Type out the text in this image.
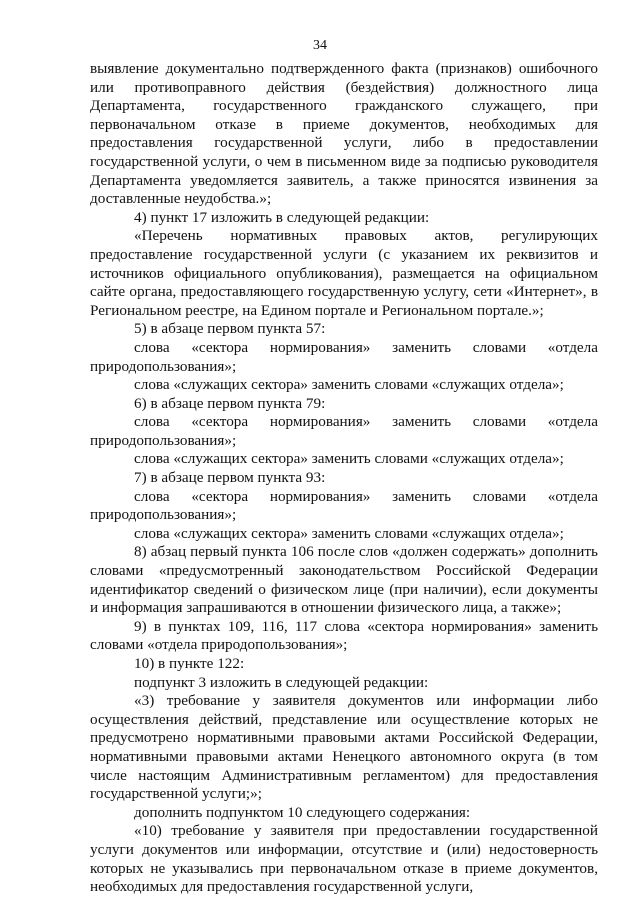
34

выявление документально подтвержденного факта (признаков) ошибочного или противоправного действия (бездействия) должностного лица Департамента, государственного гражданского служащего, при первоначальном отказе в приеме документов, необходимых для предоставления государственной услуги, либо в предоставлении государственной услуги, о чем в письменном виде за подписью руководителя Департамента уведомляется заявитель, а также приносятся извинения за доставленные неудобства.»;

4) пункт 17 изложить в следующей редакции:

«Перечень нормативных правовых актов, регулирующих предоставление государственной услуги (с указанием их реквизитов и источников официального опубликования), размещается на официальном сайте органа, предоставляющего государственную услугу, сети «Интернет», в Региональном реестре, на Едином портале и Региональном портале.»;

5) в абзаце первом пункта 57:

слова «сектора нормирования» заменить словами «отдела природопользования»;

слова «служащих сектора» заменить словами «служащих отдела»;

6) в абзаце первом пункта 79:

слова «сектора нормирования» заменить словами «отдела природопользования»;

слова «служащих сектора» заменить словами «служащих отдела»;

7) в абзаце первом пункта 93:

слова «сектора нормирования» заменить словами «отдела природопользования»;

слова «служащих сектора» заменить словами «служащих отдела»;

8) абзац первый пункта 106 после слов «должен содержать» дополнить словами «предусмотренный законодательством Российской Федерации идентификатор сведений о физическом лице (при наличии), если документы и информация запрашиваются в отношении физического лица, а также»;

9) в пунктах 109, 116, 117 слова «сектора нормирования» заменить словами «отдела природопользования»;

10) в пункте 122:

подпункт 3 изложить в следующей редакции:

«3) требование у заявителя документов или информации либо осуществления действий, представление или осуществление которых не предусмотрено нормативными правовыми актами Российской Федерации, нормативными правовыми актами Ненецкого автономного округа (в том числе настоящим Административным регламентом) для предоставления государственной услуги;»;

дополнить подпунктом 10 следующего содержания:

«10) требование у заявителя при предоставлении государственной услуги документов или информации, отсутствие и (или) недостоверность которых не указывались при первоначальном отказе в приеме документов, необходимых для предоставления государственной услуги,
